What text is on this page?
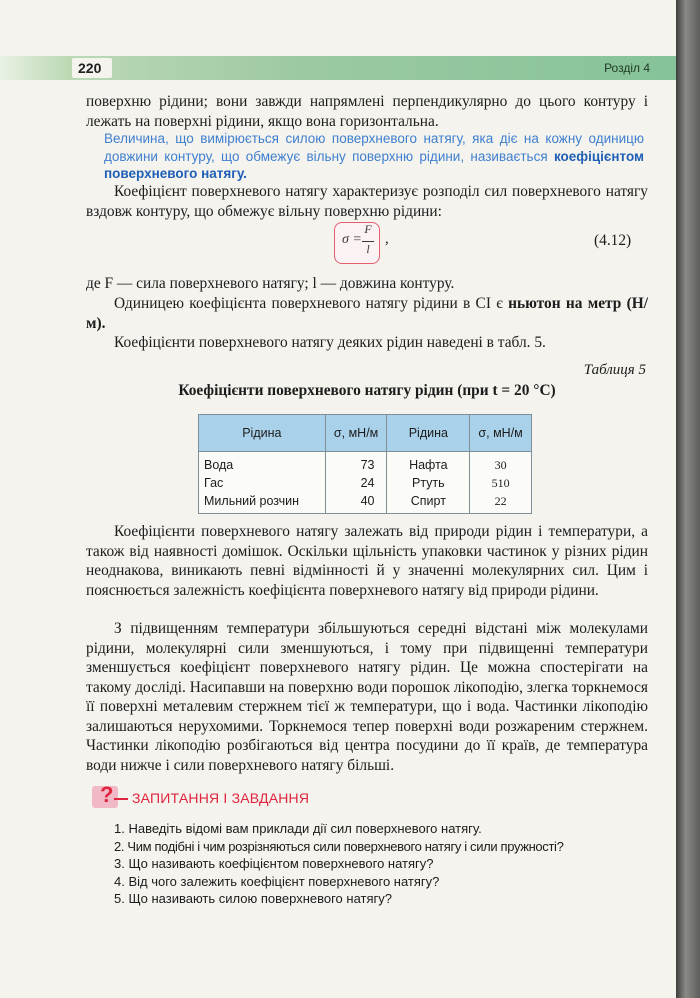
220	Розділ 4
поверхню рідини; вони завжди напрямлені перпендикулярно до цього контуру і лежать на поверхні рідини, якщо вона горизонтальна.
Величина, що вимірюється силою поверхневого натягу, яка діє на кожну одиницю довжини контуру, що обмежує вільну поверхню рідини, називається коефіцієнтом поверхневого натягу.
Коефіцієнт поверхневого натягу характеризує розподіл сил поверхневого натягу вздовж контуру, що обмежує вільну поверхню рідини:
σ =
F
l
,	(4.12)
де F — сила поверхневого натягу; l — довжина контуру.
Одиницею коефіцієнта поверхневого натягу рідини в СІ є ньютон на метр (Н/м).
Коефіцієнти поверхневого натягу деяких рідин наведені в табл. 5.
Таблиця 5
Коефіцієнти поверхневого натягу рідин (при t = 20 °С)
Рідина	σ, мН/м	Рідина	σ, мН/м
Вода	73	Нафта	30
Гас	24	Ртуть	510
Мильний розчин	40	Спирт	22
Коефіцієнти поверхневого натягу залежать від природи рідин і температури, а також від наявності домішок. Оскільки щільність упаковки частинок у різних рідин неоднакова, виникають певні відмінності й у значенні молекулярних сил. Цим і пояснюється залежність коефіцієнта поверхневого натягу від природи рідини.
З підвищенням температури збільшуються середні відстані між молекулами рідини, молекулярні сили зменшуються, і тому при підвищенні температури зменшується коефіцієнт поверхневого натягу рідин. Це можна спостерігати на такому досліді. Насипавши на поверхню води порошок лікоподію, злегка торкнемося її поверхні металевим стержнем тієї ж температури, що і вода. Частинки лікоподію залишаються нерухомими. Торкнемося тепер поверхні води розжареним стержнем. Частинки лікоподію розбігаються від центра посудини до її країв, де температура води нижче і сили поверхневого натягу більші.
? ЗАПИТАННЯ І ЗАВДАННЯ
1. Наведіть відомі вам приклади дії сил поверхневого натягу.
2. Чим подібні і чим розрізняються сили поверхневого натягу і сили пружності?
3. Що називають коефіцієнтом поверхневого натягу?
4. Від чого залежить коефіцієнт поверхневого натягу?
5. Що називають силою поверхневого натягу?
